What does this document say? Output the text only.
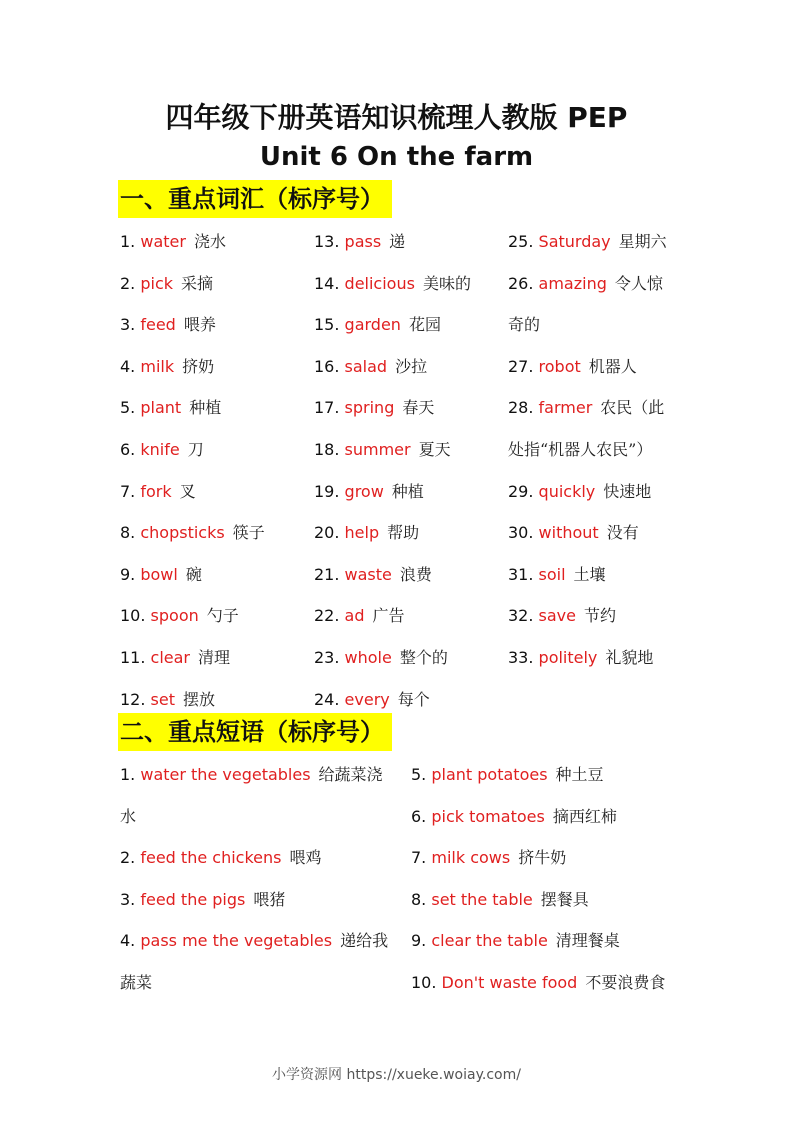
四年级下册英语知识梳理人教版 PEP
Unit 6 On the farm
一、重点词汇（标序号）
1. water 浇水
2. pick 采摘
3. feed 喂养
4. milk 挤奶
5. plant 种植
6. knife 刀
7. fork 叉
8. chopsticks 筷子
9. bowl 碗
10. spoon 勺子
11. clear 清理
12. set 摆放
13. pass 递
14. delicious 美味的
15. garden 花园
16. salad 沙拉
17. spring 春天
18. summer 夏天
19. grow 种植
20. help 帮助
21. waste 浪费
22. ad 广告
23. whole 整个的
24. every 每个
25. Saturday 星期六
26. amazing 令人惊
奇的
27. robot 机器人
28. farmer 农民（此
处指“机器人农民”）
29. quickly 快速地
30. without 没有
31. soil 土壤
32. save 节约
33. politely 礼貌地
二、重点短语（标序号）
1. water the vegetables 给蔬菜浇
水
2. feed the chickens 喂鸡
3. feed the pigs 喂猪
4. pass me the vegetables 递给我
蔬菜
5. plant potatoes 种土豆
6. pick tomatoes 摘西红柿
7. milk cows 挤牛奶
8. set the table 摆餐具
9. clear the table 清理餐桌
10. Don't waste food 不要浪费食
小学资源网 https://xueke.woiay.com/
